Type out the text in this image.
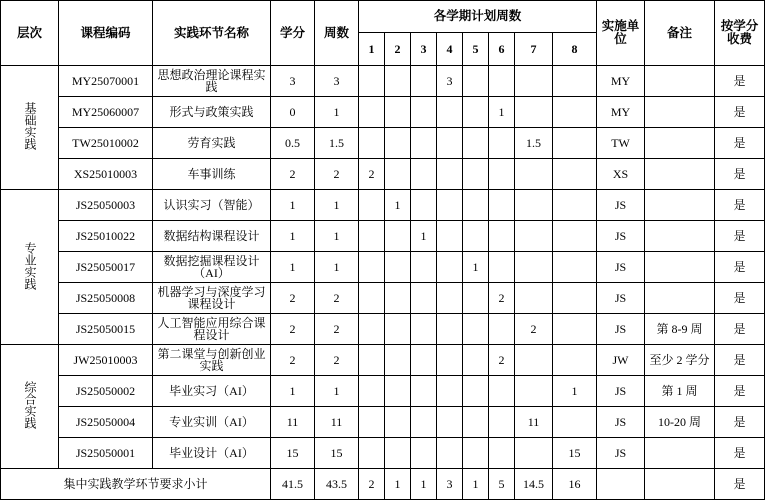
层次	课程编码	实践环节名称	学分	周数	各学期计划周数								实施单位	备注	按学分收费
					1	2	3	4	5	6	7	8			
基础实践	MY25070001	思想政治理论课程实践	3	3				3					MY		是
	MY25060007	形式与政策实践	0	1						1			MY		是
	TW25010002	劳育实践	0.5	1.5							1.5		TW		是
	XS25010003	车事训练	2	2	2								XS		是
专业实践	JS25050003	认识实习（智能）	1	1		1							JS		是
	JS25010022	数据结构课程设计	1	1			1						JS		是
	JS25050017	数据挖掘课程设计（AI）	1	1					1				JS		是
	JS25050008	机器学习与深度学习课程设计	2	2						2			JS		是
	JS25050015	人工智能应用综合课程设计	2	2							2		JS	第 8-9 周	是
综合实践	JW25010003	第二课堂与创新创业实践	2	2						2			JW	至少 2 学分	是
	JS25050002	毕业实习（AI）	1	1								1	JS	第 1 周	是
	JS25050004	专业实训（AI）	11	11							11		JS	10-20 周	是
	JS25050001	毕业设计（AI）	15	15								15	JS		是
集中实践教学环节要求小计			41.5	43.5	2	1	1	3	1	5	14.5	16			是
